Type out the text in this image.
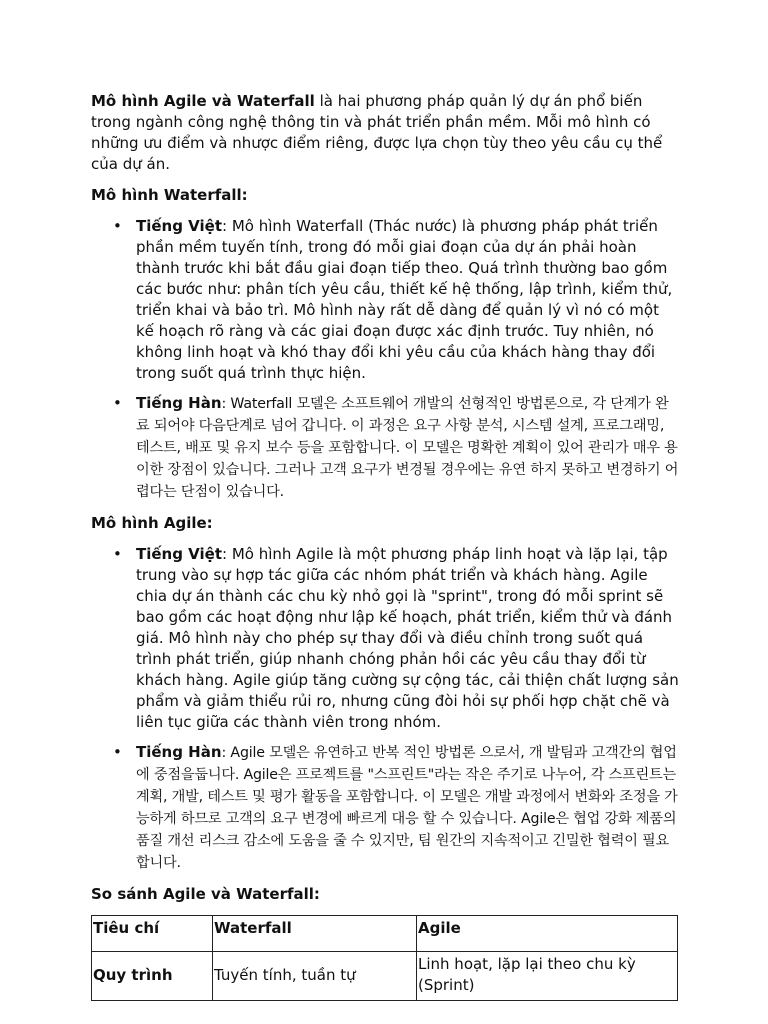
Mô hình Agile và Waterfall là hai phương pháp quản lý dự án phổ biến trong ngành công nghệ thông tin và phát triển phần mềm. Mỗi mô hình có những ưu điểm và nhược điểm riêng, được lựa chọn tùy theo yêu cầu cụ thể của dự án.

Mô hình Waterfall:

• Tiếng Việt: Mô hình Waterfall (Thác nước) là phương pháp phát triển phần mềm tuyến tính, trong đó mỗi giai đoạn của dự án phải hoàn thành trước khi bắt đầu giai đoạn tiếp theo. Quá trình thường bao gồm các bước như: phân tích yêu cầu, thiết kế hệ thống, lập trình, kiểm thử, triển khai và bảo trì. Mô hình này rất dễ dàng để quản lý vì nó có một kế hoạch rõ ràng và các giai đoạn được xác định trước. Tuy nhiên, nó không linh hoạt và khó thay đổi khi yêu cầu của khách hàng thay đổi trong suốt quá trình thực hiện.
• Tiếng Hàn: Waterfall 모델은 소프트웨어 개발의 선형적인 방법론으로, 각 단계가 완료 되어야 다음단계로 넘어 갑니다. 이 과정은 요구 사항 분석, 시스템 설계, 프로그래밍, 테스트, 배포 및 유지 보수 등을 포함합니다. 이 모델은 명확한 계획이 있어 관리가 매우 용이한 장점이 있습니다. 그러나 고객 요구가 변경될 경우에는 유연 하지 못하고 변경하기 어렵다는 단점이 있습니다.

Mô hình Agile:

• Tiếng Việt: Mô hình Agile là một phương pháp linh hoạt và lặp lại, tập trung vào sự hợp tác giữa các nhóm phát triển và khách hàng. Agile chia dự án thành các chu kỳ nhỏ gọi là "sprint", trong đó mỗi sprint sẽ bao gồm các hoạt động như lập kế hoạch, phát triển, kiểm thử và đánh giá. Mô hình này cho phép sự thay đổi và điều chỉnh trong suốt quá trình phát triển, giúp nhanh chóng phản hồi các yêu cầu thay đổi từ khách hàng. Agile giúp tăng cường sự cộng tác, cải thiện chất lượng sản phẩm và giảm thiểu rủi ro, nhưng cũng đòi hỏi sự phối hợp chặt chẽ và liên tục giữa các thành viên trong nhóm.
• Tiếng Hàn: Agile 모델은 유연하고 반복 적인 방법론 으로서, 개 발팀과 고객간의 협업에 중점을둡니다. Agile은 프로젝트를 "스프린트"라는 작은 주기로 나누어, 각 스프린트는 계획, 개발, 테스트 및 평가 활동을 포함합니다. 이 모델은 개발 과정에서 변화와 조정을 가능하게 하므로 고객의 요구 변경에 빠르게 대응 할 수 있습니다. Agile은 협업 강화 제품의 품질 개선 리스크 감소에 도움을 줄 수 있지만, 팀 원간의 지속적이고 긴밀한 협력이 필요합니다.

So sánh Agile và Waterfall:

Tiêu chí	Waterfall	Agile
Quy trình	Tuyến tính, tuần tự	Linh hoạt, lặp lại theo chu kỳ (Sprint)
